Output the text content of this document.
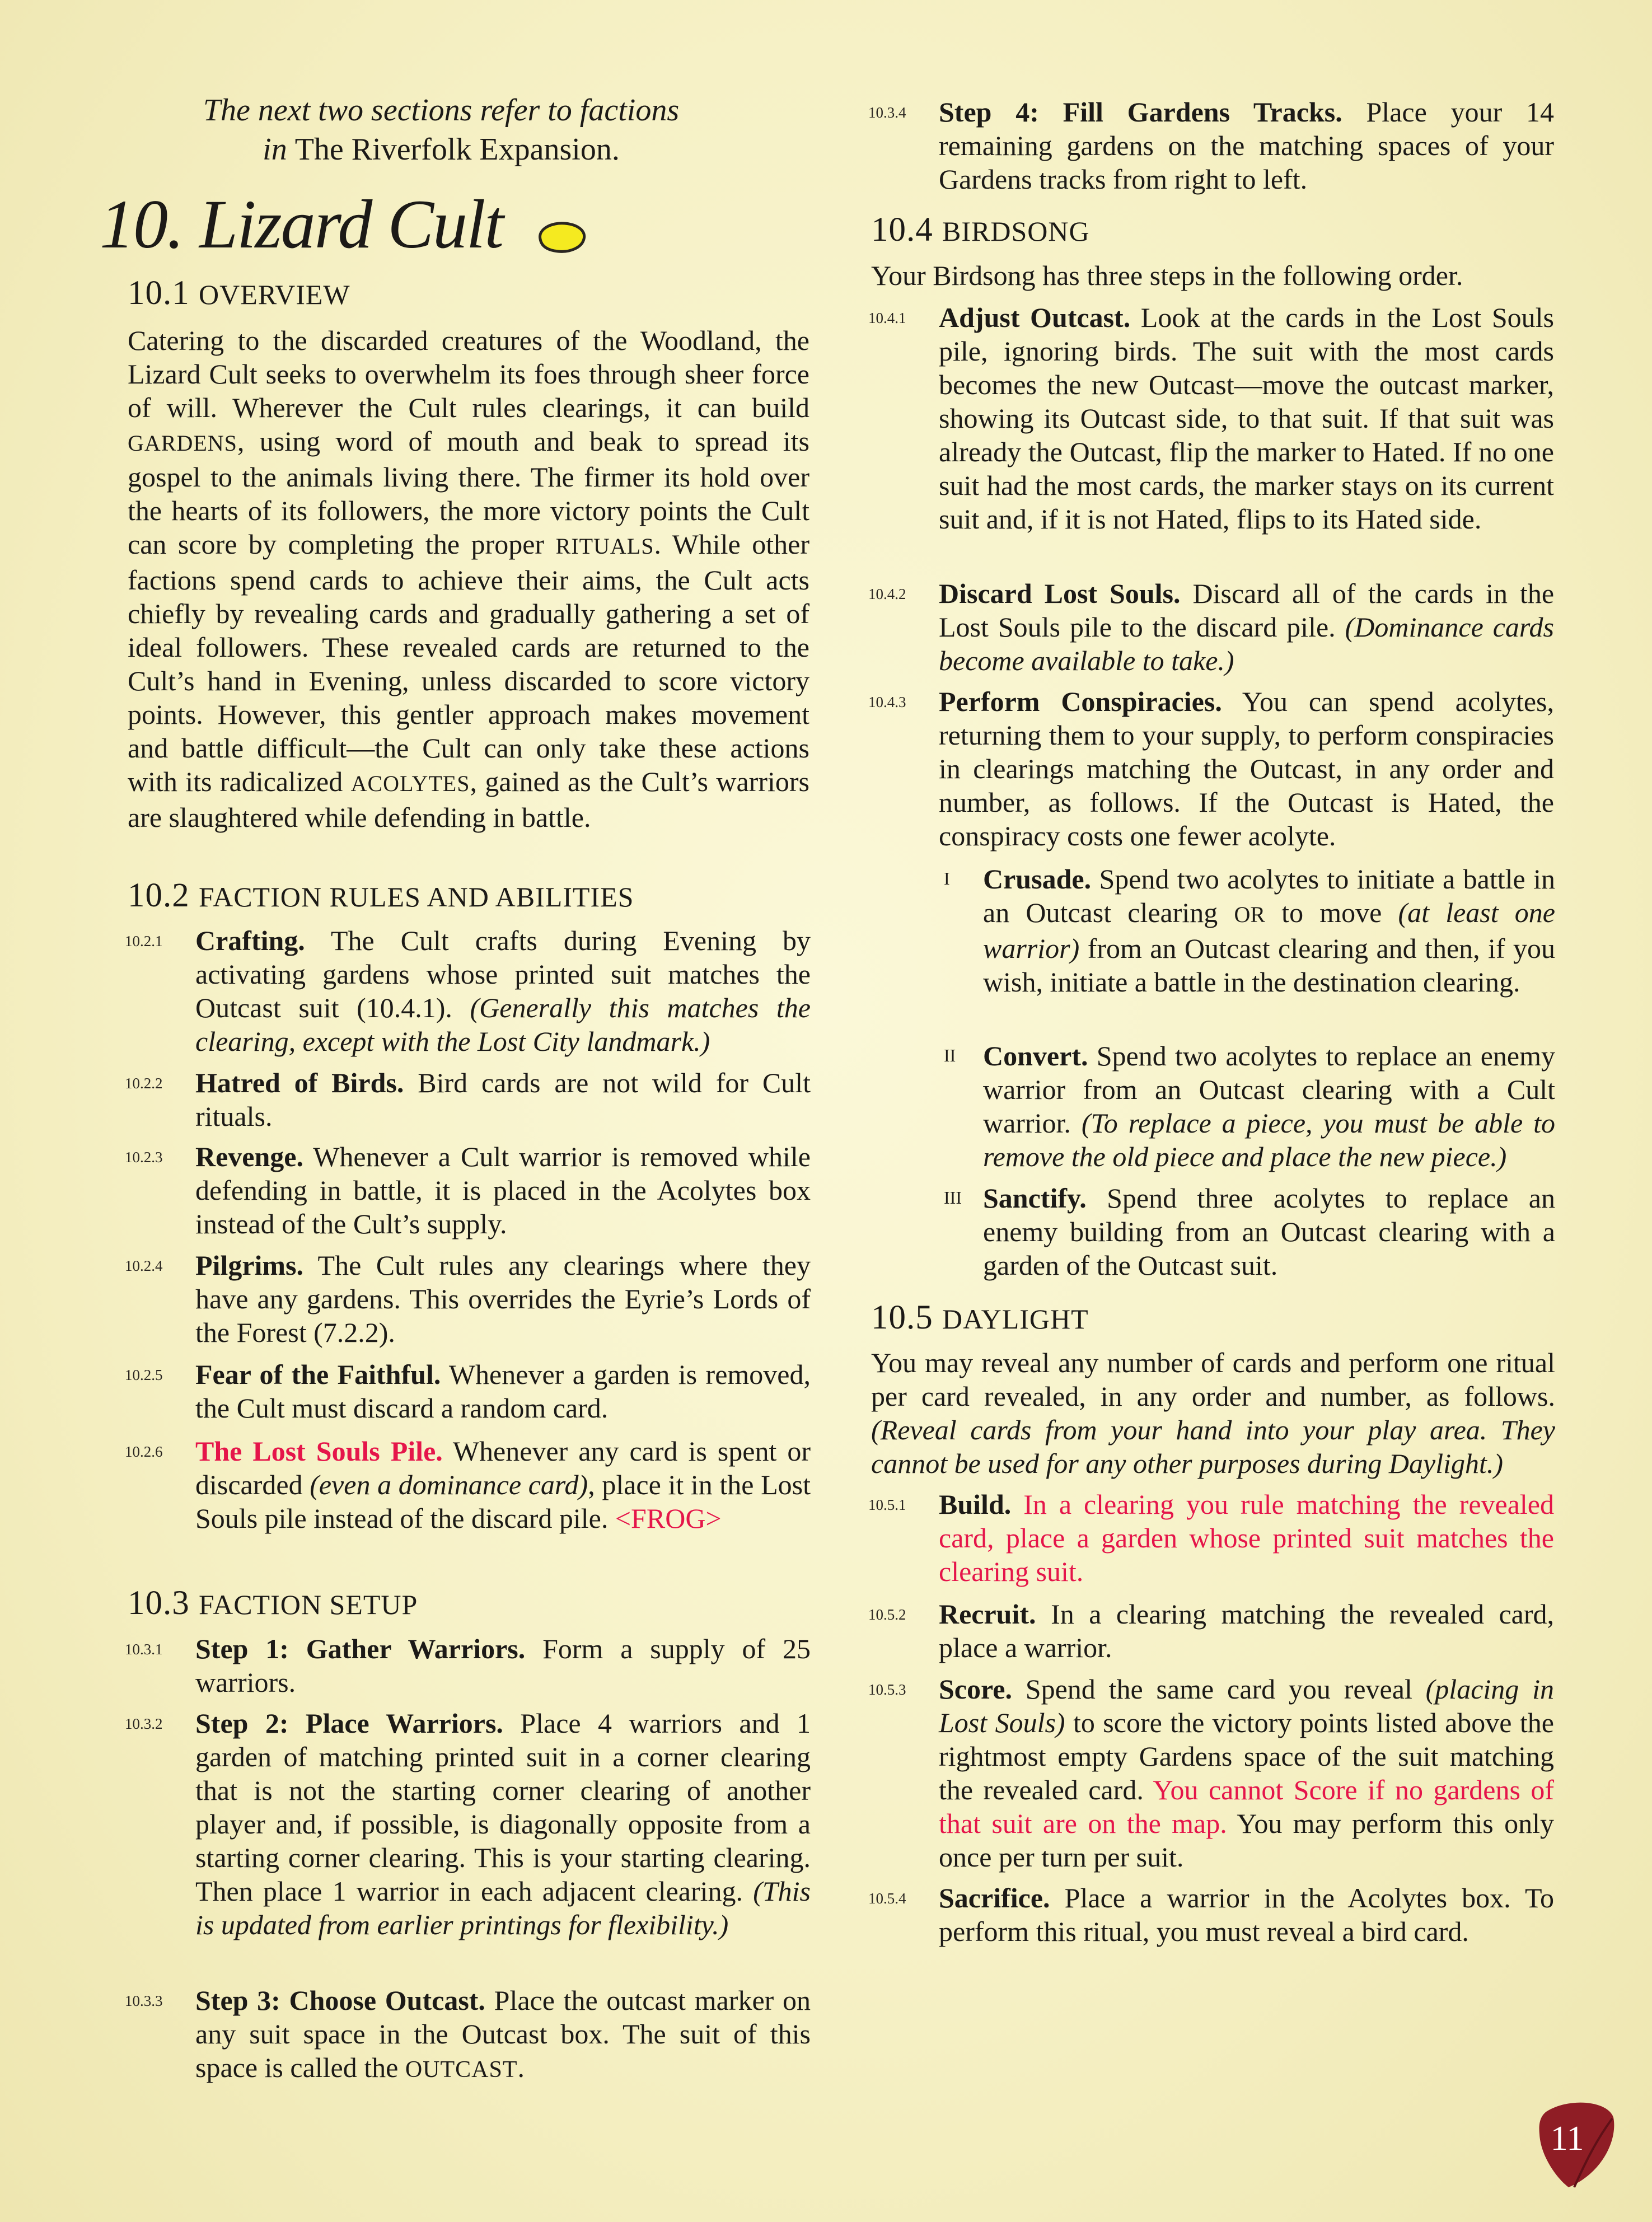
The next two sections refer to factions
in The Riverfolk Expansion.
10. Lizard Cult
10.1 OVERVIEW
Catering to the discarded creatures of the Woodland, the Lizard Cult seeks to overwhelm its foes through sheer force of will. Wherever the Cult rules clearings, it can build GARDENS, using word of mouth and beak to spread its gospel to the animals living there. The firmer its hold over the hearts of its followers, the more victory points the Cult can score by completing the proper RITUALS. While other factions spend cards to achieve their aims, the Cult acts chiefly by revealing cards and gradually gathering a set of ideal followers. These revealed cards are returned to the Cult’s hand in Evening, unless discarded to score victory points. However, this gentler approach makes movement and battle difficult—the Cult can only take these actions with its radicalized ACOLYTES, gained as the Cult’s warriors are slaughtered while defending in battle.
10.2 FACTION RULES AND ABILITIES
10.2.1 Crafting. The Cult crafts during Evening by activating gardens whose printed suit matches the Outcast suit (10.4.1). (Generally this matches the clearing, except with the Lost City landmark.)
10.2.2 Hatred of Birds. Bird cards are not wild for Cult rituals.
10.2.3 Revenge. Whenever a Cult warrior is removed while defending in battle, it is placed in the Acolytes box instead of the Cult’s supply.
10.2.4 Pilgrims. The Cult rules any clearings where they have any gardens. This overrides the Eyrie’s Lords of the Forest (7.2.2).
10.2.5 Fear of the Faithful. Whenever a garden is removed, the Cult must discard a random card.
10.2.6 The Lost Souls Pile. Whenever any card is spent or discarded (even a dominance card), place it in the Lost Souls pile instead of the discard pile. <FROG>
10.3 FACTION SETUP
10.3.1 Step 1: Gather Warriors. Form a supply of 25 warriors.
10.3.2 Step 2: Place Warriors. Place 4 warriors and 1 garden of matching printed suit in a corner clearing that is not the starting corner clearing of another player and, if possible, is diagonally opposite from a starting corner clearing. This is your starting clearing. Then place 1 warrior in each adjacent clearing. (This is updated from earlier printings for flexibility.)
10.3.3 Step 3: Choose Outcast. Place the outcast marker on any suit space in the Outcast box. The suit of this space is called the OUTCAST.
10.3.4 Step 4: Fill Gardens Tracks. Place your 14 remaining gardens on the matching spaces of your Gardens tracks from right to left.
10.4 BIRDSONG
Your Birdsong has three steps in the following order.
10.4.1 Adjust Outcast. Look at the cards in the Lost Souls pile, ignoring birds. The suit with the most cards becomes the new Outcast—move the outcast marker, showing its Outcast side, to that suit. If that suit was already the Outcast, flip the marker to Hated. If no one suit had the most cards, the marker stays on its current suit and, if it is not Hated, flips to its Hated side.
10.4.2 Discard Lost Souls. Discard all of the cards in the Lost Souls pile to the discard pile. (Dominance cards become available to take.)
10.4.3 Perform Conspiracies. You can spend acolytes, returning them to your supply, to perform conspiracies in clearings matching the Outcast, in any order and number, as follows. If the Outcast is Hated, the conspiracy costs one fewer acolyte.
I Crusade. Spend two acolytes to initiate a battle in an Outcast clearing OR to move (at least one warrior) from an Outcast clearing and then, if you wish, initiate a battle in the destination clearing.
II Convert. Spend two acolytes to replace an enemy warrior from an Outcast clearing with a Cult warrior. (To replace a piece, you must be able to remove the old piece and place the new piece.)
III Sanctify. Spend three acolytes to replace an enemy building from an Outcast clearing with a garden of the Outcast suit.
10.5 DAYLIGHT
You may reveal any number of cards and perform one ritual per card revealed, in any order and number, as follows. (Reveal cards from your hand into your play area. They cannot be used for any other purposes during Daylight.)
10.5.1 Build. In a clearing you rule matching the revealed card, place a garden whose printed suit matches the clearing suit.
10.5.2 Recruit. In a clearing matching the revealed card, place a warrior.
10.5.3 Score. Spend the same card you reveal (placing in Lost Souls) to score the victory points listed above the rightmost empty Gardens space of the suit matching the revealed card. You cannot Score if no gardens of that suit are on the map. You may perform this only once per turn per suit.
10.5.4 Sacrifice. Place a warrior in the Acolytes box. To perform this ritual, you must reveal a bird card.
11
